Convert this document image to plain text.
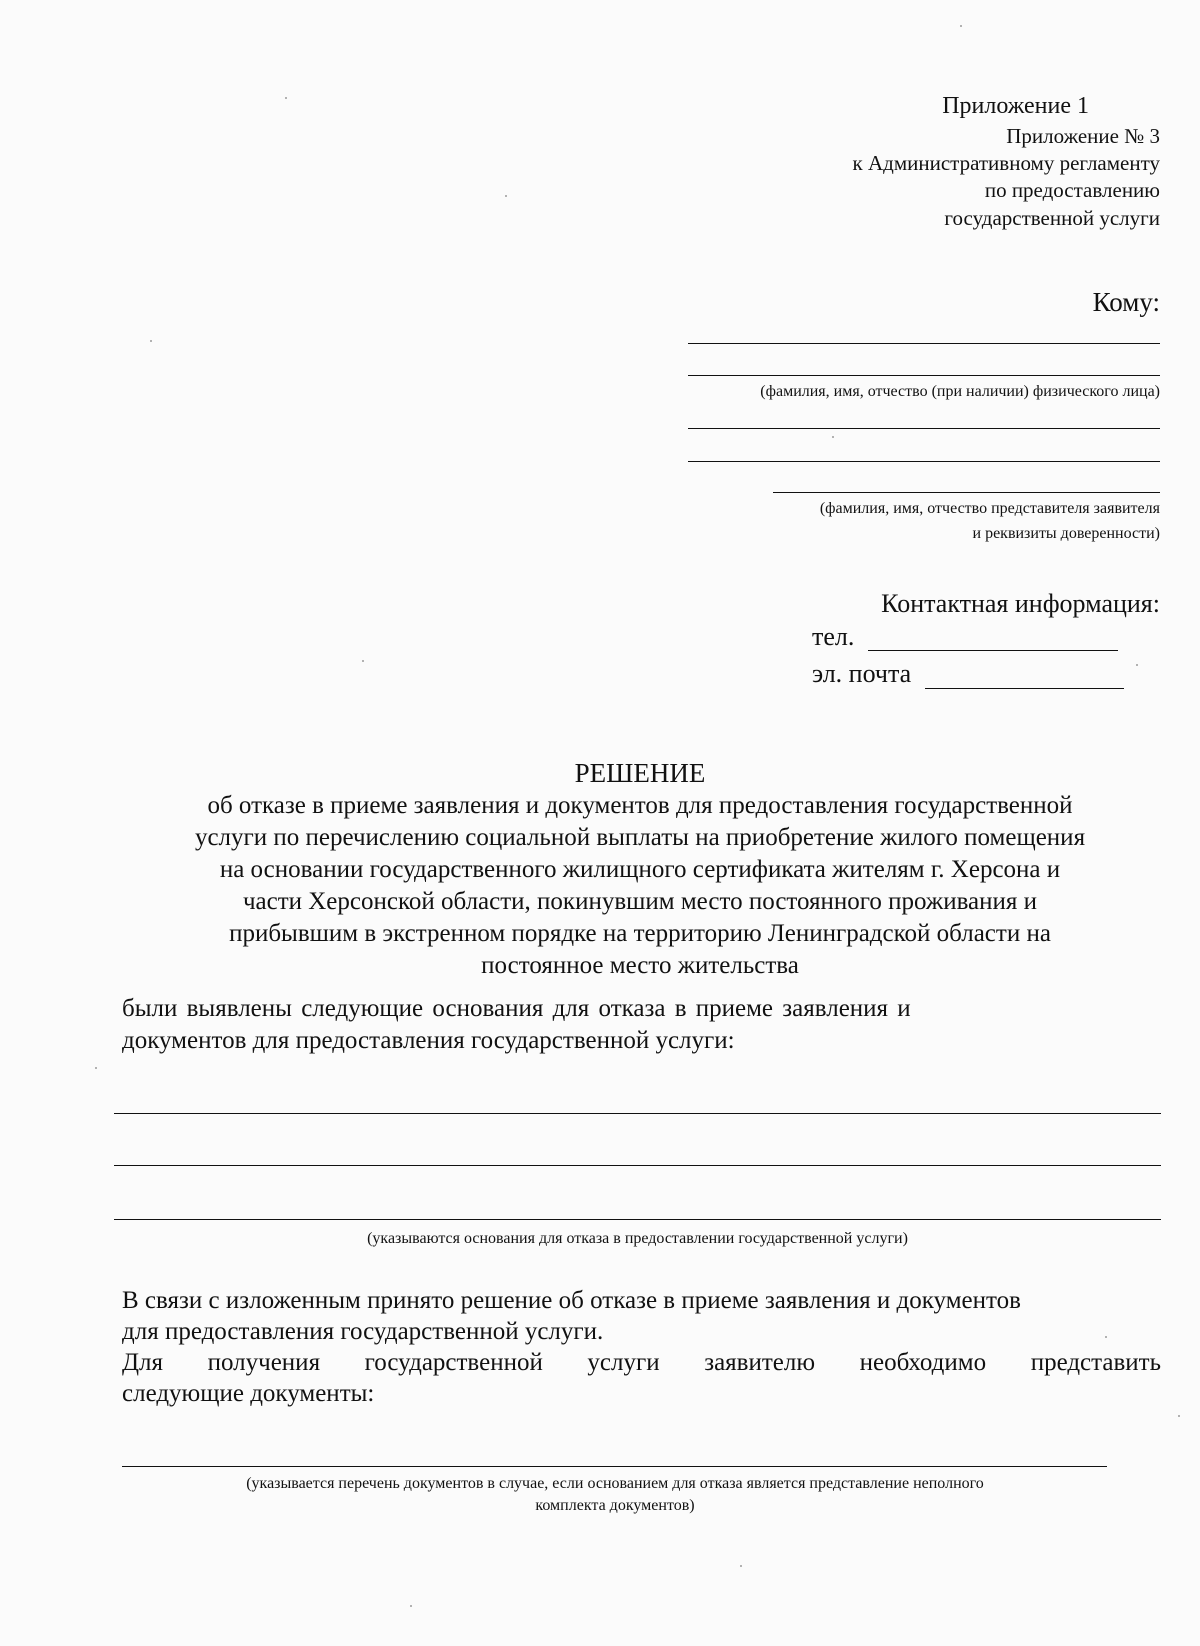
Приложение 1
Приложение № 3
к Административному регламенту
по предоставлению
государственной услуги
Кому:
(фамилия, имя, отчество (при наличии) физического лица)
(фамилия, имя, отчество представителя заявителя
и реквизиты доверенности)
Контактная информация:
тел.
эл. почта
РЕШЕНИЕ
об отказе в приеме заявления и документов для предоставления государственной
услуги по перечислению социальной выплаты на приобретение жилого помещения
на основании государственного жилищного сертификата жителям г. Херсона и
части Херсонской области, покинувшим место постоянного проживания и
прибывшим в экстренном порядке на территорию Ленинградской области на
постоянное место жительства
были выявлены следующие основания для отказа в приеме заявления и
документов для предоставления государственной услуги:
(указываются основания для отказа в предоставлении государственной услуги)
В связи с изложенным принято решение об отказе в приеме заявления и документов
для предоставления государственной услуги.
Для получения государственной услуги заявителю необходимо представить
следующие документы:
(указывается перечень документов в случае, если основанием для отказа является представление неполного
комплекта документов)
